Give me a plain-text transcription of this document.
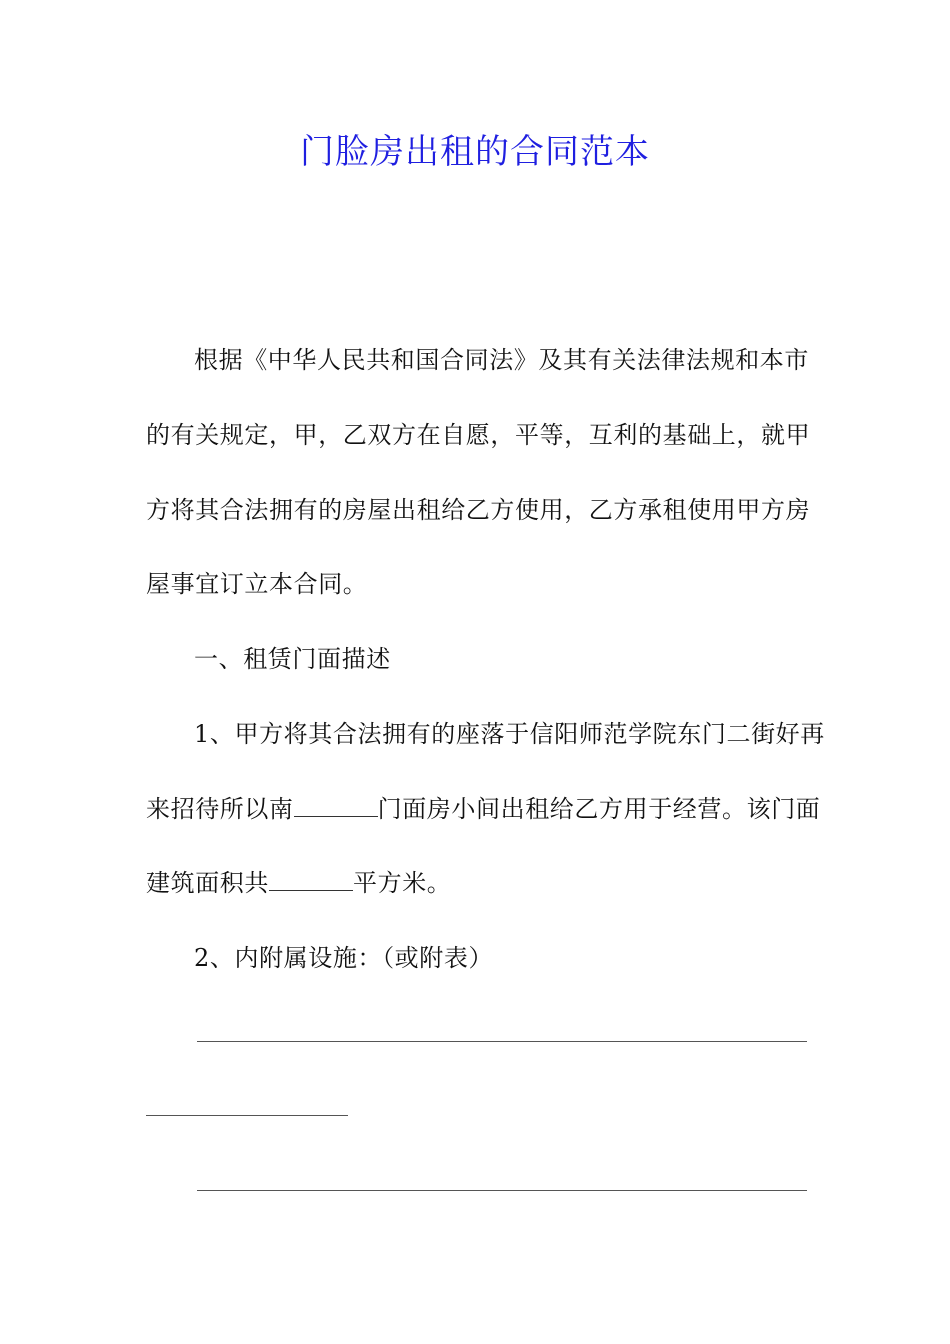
门脸房出租的合同范本
根据《中华人民共和国合同法》及其有关法律法规和本市
的有关规定，甲，乙双方在自愿，平等，互利的基础上，就甲
方将其合法拥有的房屋出租给乙方使用，乙方承租使用甲方房
屋事宜订立本合同。
一、租赁门面描述
1、甲方将其合法拥有的座落于信阳师范学院东门二街好再
来招待所以南	门面房小间出租给乙方用于经营。该门面
建筑面积共	平方米。
2、内附属设施：（或附表）
